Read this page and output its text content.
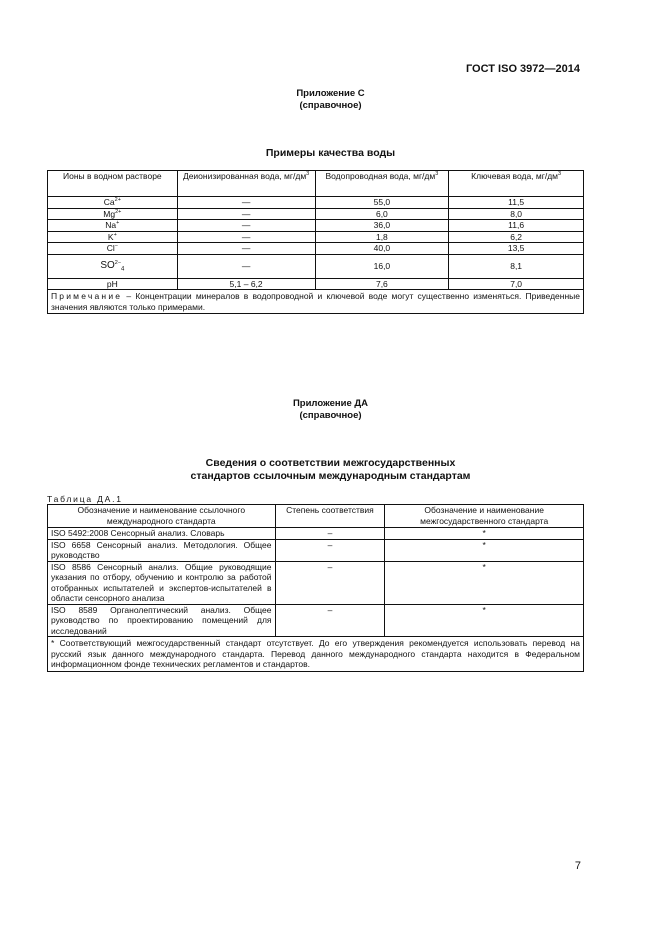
ГОСТ ISO 3972—2014
Приложение С
(справочное)
Примеры качества воды
Ионы в водном растворе	Деионизированная вода, $мг/дм^3$	Водопроводная вода, $мг/дм^3$	Ключевая вода, $мг/дм^3$
$Ca^{2+}$	—	55,0	11,5
$Mg^{2+}$	—	6,0	8,0
Na+	—	36,0	11,6
K+	—	1,8	6,2
Cl−	—	40,0	13,5
$SO^{2-}_4$	—	16,0	8,1
pH	5,1 – 6,2	7,6	7,0
Примечание – Концентрации минералов в водопроводной и ключевой воде могут существенно изменяться. Приведенные значения являются только примерами.			
Приложение ДА
(справочное)
Сведения о соответствии межгосударственных
стандартов ссылочным международным стандартам
Таблица ДА.1
Обозначение и наименование ссылочного международного стандарта	Степень соответствия	Обозначение и наименование межгосударственного стандарта
ISO 5492:2008 Сенсорный анализ. Словарь	–	*
ISO 6658 Сенсорный анализ. Методология. Общее руководство	–	*
ISO 8586 Сенсорный анализ. Общие руководящие указания по отбору, обучению и контролю за работой отобранных испытателей и экспертов-испытателей в области сенсорного анализа	–	*
ISO 8589 Органолептический анализ. Общее руководство по проектированию помещений для исследований	–	*
* Соответствующий межгосударственный стандарт отсутствует. До его утверждения рекомендуется использовать перевод на русский язык данного международного стандарта. Перевод данного международного стандарта находится в Федеральном информационном фонде технических регламентов и стандартов.		
7
